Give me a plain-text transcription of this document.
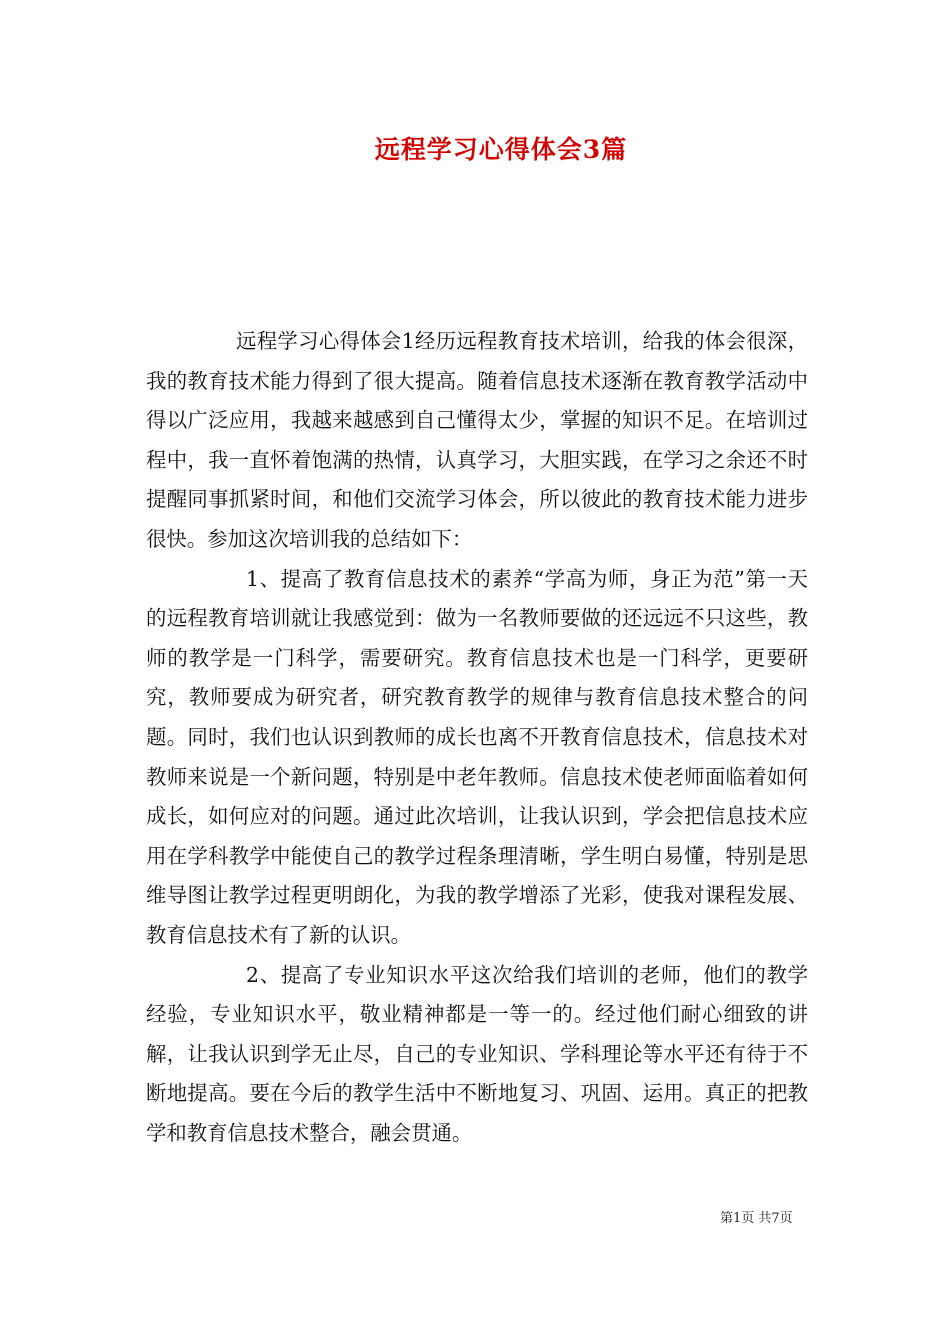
远程学习心得体会3篇

远程学习心得体会1经历远程教育技术培训，给我的体会很深，我的教育技术能力得到了很大提高。随着信息技术逐渐在教育教学活动中得以广泛应用，我越来越感到自己懂得太少，掌握的知识不足。在培训过程中，我一直怀着饱满的热情，认真学习，大胆实践，在学习之余还不时提醒同事抓紧时间，和他们交流学习体会，所以彼此的教育技术能力进步很快。参加这次培训我的总结如下：

1、提高了教育信息技术的素养“学高为师，身正为范”第一天的远程教育培训就让我感觉到：做为一名教师要做的还远远不只这些，教师的教学是一门科学，需要研究。教育信息技术也是一门科学，更要研究，教师要成为研究者，研究教育教学的规律与教育信息技术整合的问题。同时，我们也认识到教师的成长也离不开教育信息技术，信息技术对教师来说是一个新问题，特别是中老年教师。信息技术使老师面临着如何成长，如何应对的问题。通过此次培训，让我认识到，学会把信息技术应用在学科教学中能使自己的教学过程条理清晰，学生明白易懂，特别是思维导图让教学过程更明朗化，为我的教学增添了光彩，使我对课程发展、教育信息技术有了新的认识。

2、提高了专业知识水平这次给我们培训的老师，他们的教学经验，专业知识水平，敬业精神都是一等一的。经过他们耐心细致的讲解，让我认识到学无止尽，自己的专业知识、学科理论等水平还有待于不断地提高。要在今后的教学生活中不断地复习、巩固、运用。真正的把教学和教育信息技术整合，融会贯通。

第1页 共7页
